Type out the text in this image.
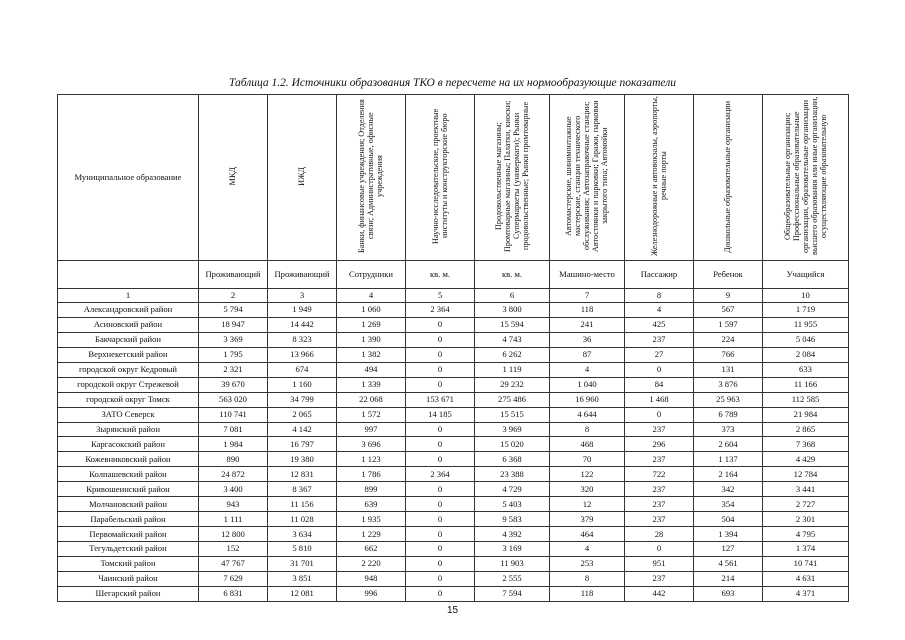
Таблица 1.2. Источники образования ТКО в пересчете на их нормообразующие показатели
Муниципальное образование	МКД	ИЖД	Банки, финансовые учреждения; Отделения связи; Административные, офисные учреждения	Научно-исследовательские, проектные институты и конструкторские бюро	Продовольственные магазины; Промтоварные магазины; Палатки, киоски; Супермаркеты (универмаги); Рынки продовольственные; Рынки промтоварные	Автомастерские, шиномонтажные мастерские, станции технического обслуживания; Автозаправочные станции; Автостоянки и парковки; Гаражи, парковки закрытого типа; Автомойки	Железнодорожные и автовокзалы, аэропорты, речные порты	Дошкольные образовательные организации	Общеобразовательные организации; Профессиональные образовательные организации, образовательные организации высшего образования или иные организации, осуществляющие образовательную
	Проживающий	Проживающий	Сотрудники	кв. м.	кв. м.	Машино-место	Пассажир	Ребенок	Учащийся
1	2	3	4	5	6	7	8	9	10
Александровский район	5 794	1 949	1 060	2 364	3 800	118	4	567	1 719
Асиновский район	18 947	14 442	1 269	0	15 594	241	425	1 597	11 955
Бакчарский район	3 369	8 323	1 390	0	4 743	36	237	224	5 046
Верхнекетский район	1 795	13 966	1 382	0	6 262	87	27	766	2 084
городской округ Кедровый	2 321	674	494	0	1 119	4	0	131	633
городской округ Стрежевой	39 670	1 160	1 339	0	29 232	1 040	84	3 876	11 166
городской округ Томск	563 020	34 799	22 068	153 671	275 486	16 960	1 468	25 963	112 585
ЗАТО Северск	110 741	2 065	1 572	14 185	15 515	4 644	0	6 789	21 984
Зырянский район	7 081	4 142	997	0	3 969	8	237	373	2 865
Каргасокский район	1 984	16 797	3 696	0	15 020	468	296	2 604	7 368
Кожевниковский район	890	19 380	1 123	0	6 368	70	237	1 137	4 429
Колпашевский район	24 872	12 831	1 786	2 364	23 388	122	722	2 164	12 784
Кривошеинский район	3 400	8 367	899	0	4 729	320	237	342	3 441
Молчановский район	943	11 156	639	0	5 403	12	237	354	2 727
Парабельский район	1 111	11 028	1 935	0	9 583	379	237	504	2 301
Первомайский район	12 800	3 634	1 229	0	4 392	464	28	1 394	4 795
Тегульдетский район	152	5 810	662	0	3 169	4	0	127	1 374
Томский район	47 767	31 701	2 220	0	11 903	253	951	4 561	10 741
Чаинский район	7 629	3 851	948	0	2 555	8	237	214	4 631
Шегарский район	6 831	12 081	996	0	7 594	118	442	693	4 371
15
